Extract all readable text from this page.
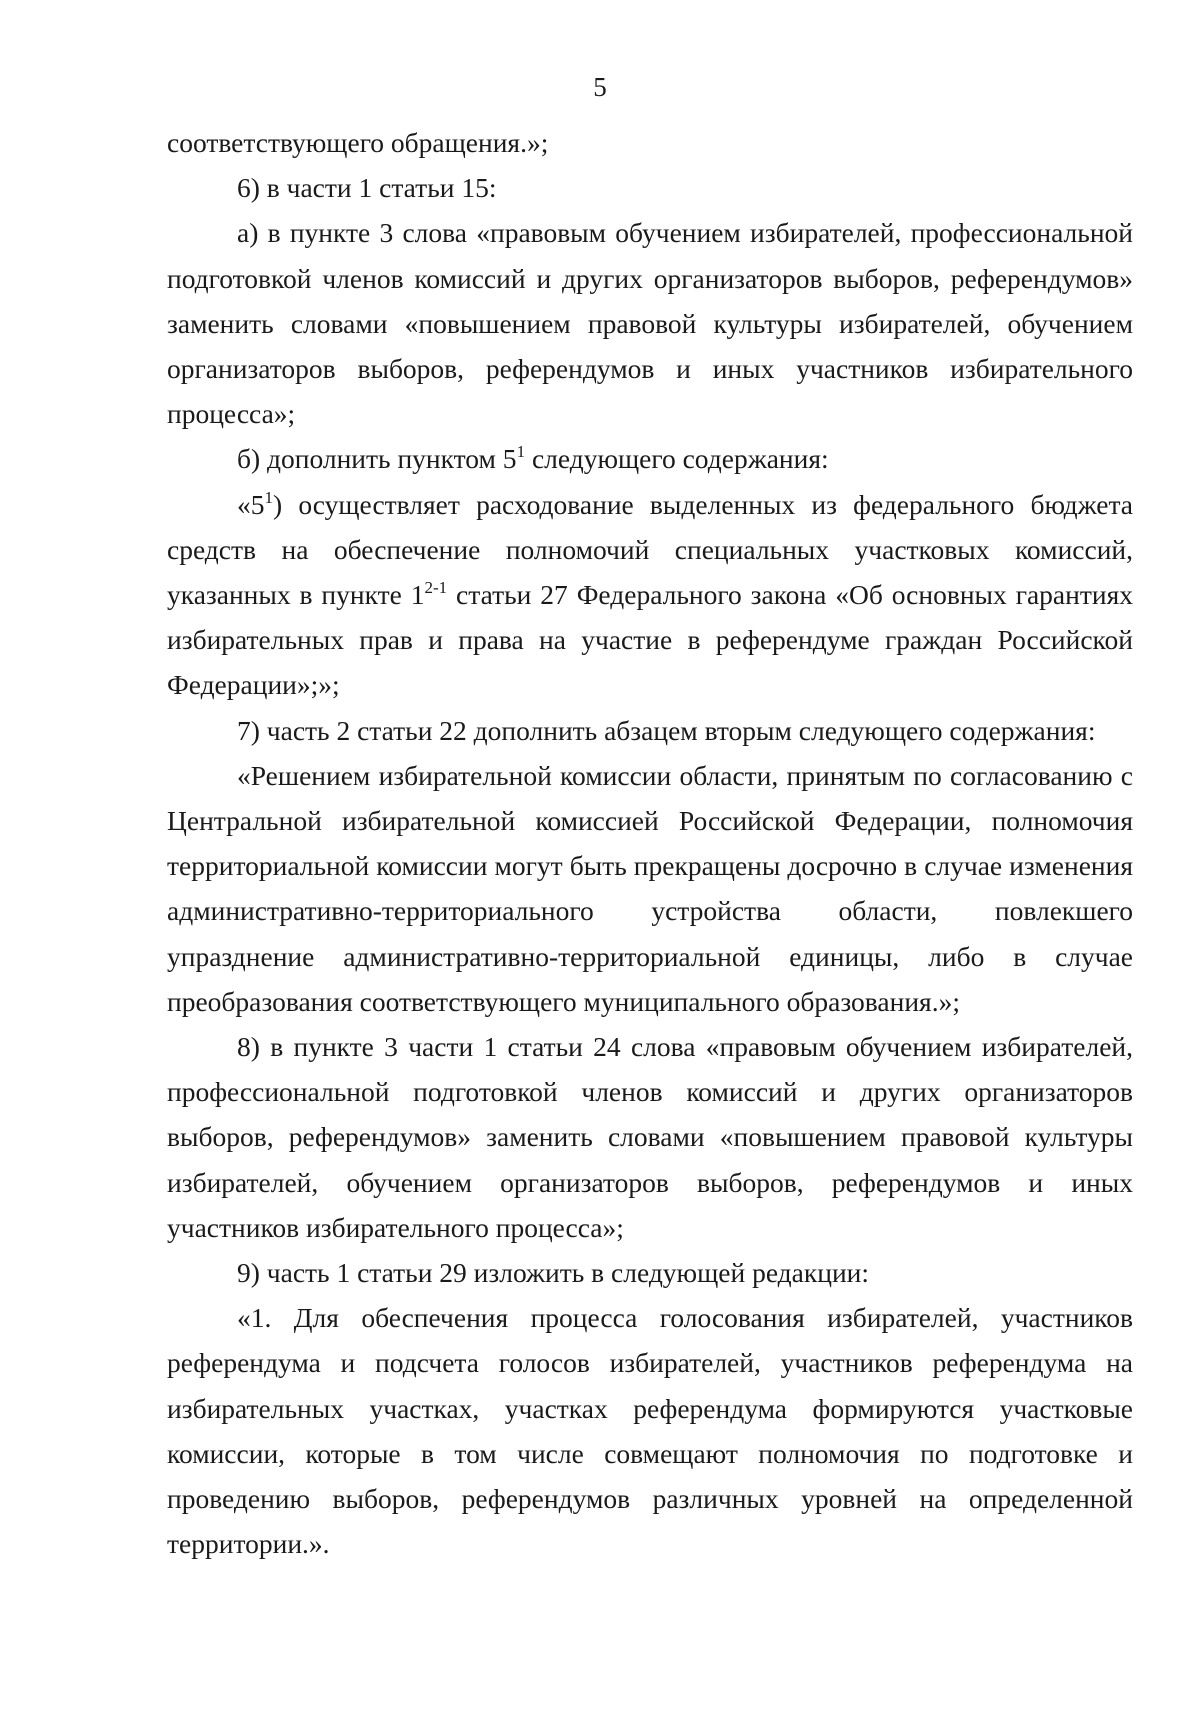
5

соответствующего обращения.»;

6) в части 1 статьи 15:

а) в пункте 3 слова «правовым обучением избирателей, профессиональной подготовкой членов комиссий и других организаторов выборов, референдумов» заменить словами «повышением правовой культуры избирателей, обучением организаторов выборов, референдумов и иных участников избирательного процесса»;

б) дополнить пунктом $5^1$ следующего содержания:

«$5^1$) осуществляет расходование выделенных из федерального бюджета средств на обеспечение полномочий специальных участковых комиссий, указанных в пункте 1$^{2-1}$ статьи 27 Федерального закона «Об основных гарантиях избирательных прав и права на участие в референдуме граждан Российской Федерации»;»;

7) часть 2 статьи 22 дополнить абзацем вторым следующего содержания:

«Решением избирательной комиссии области, принятым по согласованию с Центральной избирательной комиссией Российской Федерации, полномочия территориальной комиссии могут быть прекращены досрочно в случае изменения административно-территориального устройства области, повлекшего упразднение административно-территориальной единицы, либо в случае преобразования соответствующего муниципального образования.»;

8) в пункте 3 части 1 статьи 24 слова «правовым обучением избирателей, профессиональной подготовкой членов комиссий и других организаторов выборов, референдумов» заменить словами «повышением правовой культуры избирателей, обучением организаторов выборов, референдумов и иных участников избирательного процесса»;

9) часть 1 статьи 29 изложить в следующей редакции:

«1. Для обеспечения процесса голосования избирателей, участников референдума и подсчета голосов избирателей, участников референдума на избирательных участках, участках референдума формируются участковые комиссии, которые в том числе совмещают полномочия по подготовке и проведению выборов, референдумов различных уровней на определенной территории.».
